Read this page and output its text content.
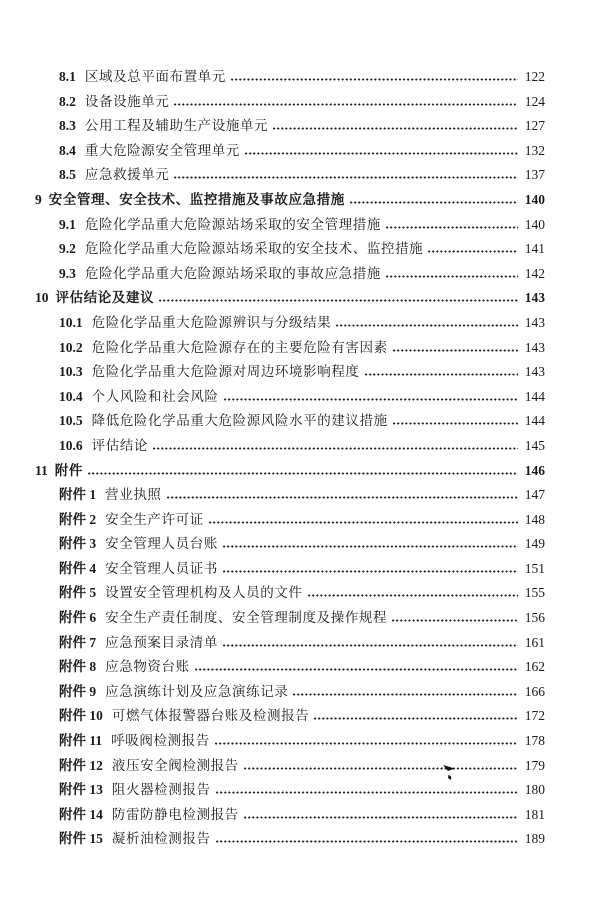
8.1 区域及总平面布置单元	122
8.2 设备设施单元	124
8.3 公用工程及辅助生产设施单元	127
8.4 重大危险源安全管理单元	132
8.5 应急救援单元	137
9 安全管理、安全技术、监控措施及事故应急措施	140
9.1 危险化学品重大危险源站场采取的安全管理措施	140
9.2 危险化学品重大危险源站场采取的安全技术、监控措施	141
9.3 危险化学品重大危险源站场采取的事故应急措施	142
10 评估结论及建议	143
10.1 危险化学品重大危险源辨识与分级结果	143
10.2 危险化学品重大危险源存在的主要危险有害因素	143
10.3 危险化学品重大危险源对周边环境影响程度	143
10.4 个人风险和社会风险	144
10.5 降低危险化学品重大危险源风险水平的建议措施	144
10.6 评估结论	145
11 附件	146
附件 1 营业执照	147
附件 2 安全生产许可证	148
附件 3 安全管理人员台账	149
附件 4 安全管理人员证书	151
附件 5 设置安全管理机构及人员的文件	155
附件 6 安全生产责任制度、安全管理制度及操作规程	156
附件 7 应急预案目录清单	161
附件 8 应急物资台账	162
附件 9 应急演练计划及应急演练记录	166
附件 10 可燃气体报警器台账及检测报告	172
附件 11 呼吸阀检测报告	178
附件 12 液压安全阀检测报告	179
附件 13 阻火器检测报告	180
附件 14 防雷防静电检测报告	181
附件 15 凝析油检测报告	189
